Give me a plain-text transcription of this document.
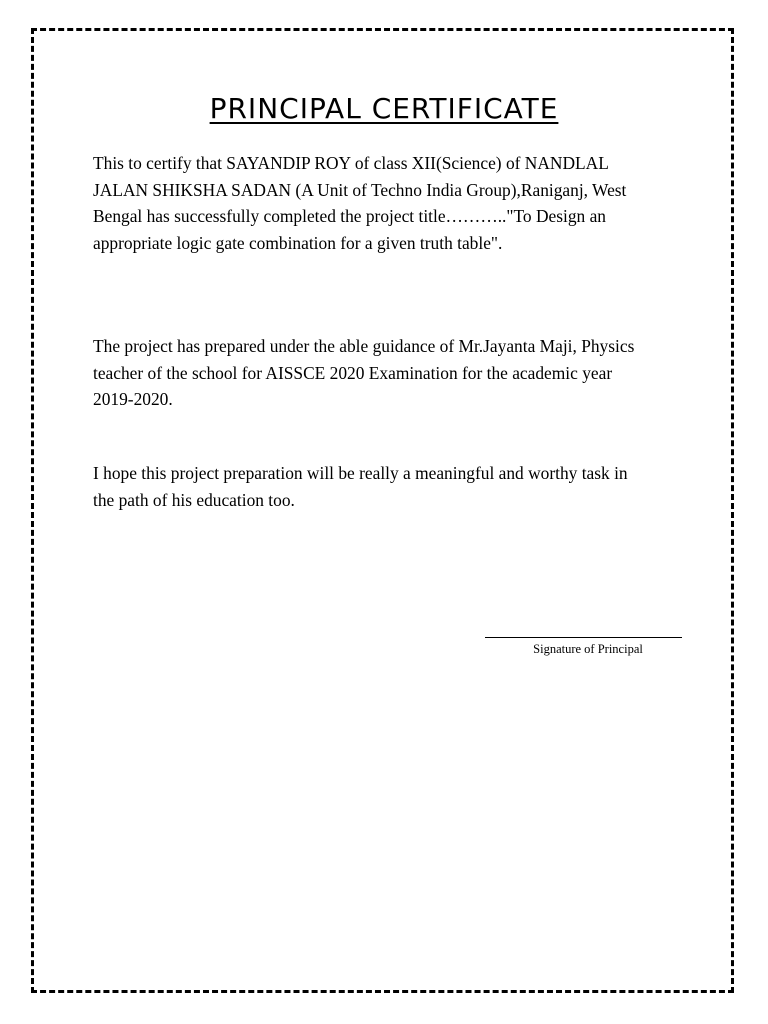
PRINCIPAL CERTIFICATE

This to certify that SAYANDIP ROY of class XII(Science) of NANDLAL JALAN SHIKSHA SADAN (A Unit of Techno India Group),Raniganj, West Bengal has successfully completed the project title……….."To Design an appropriate logic gate combination for a given truth table".

The project has prepared under the able guidance of Mr.Jayanta Maji, Physics teacher of the school for AISSCE 2020 Examination for the academic year 2019-2020.

I hope this project preparation will be really a meaningful and worthy task in the path of his education too.

Signature of Principal
